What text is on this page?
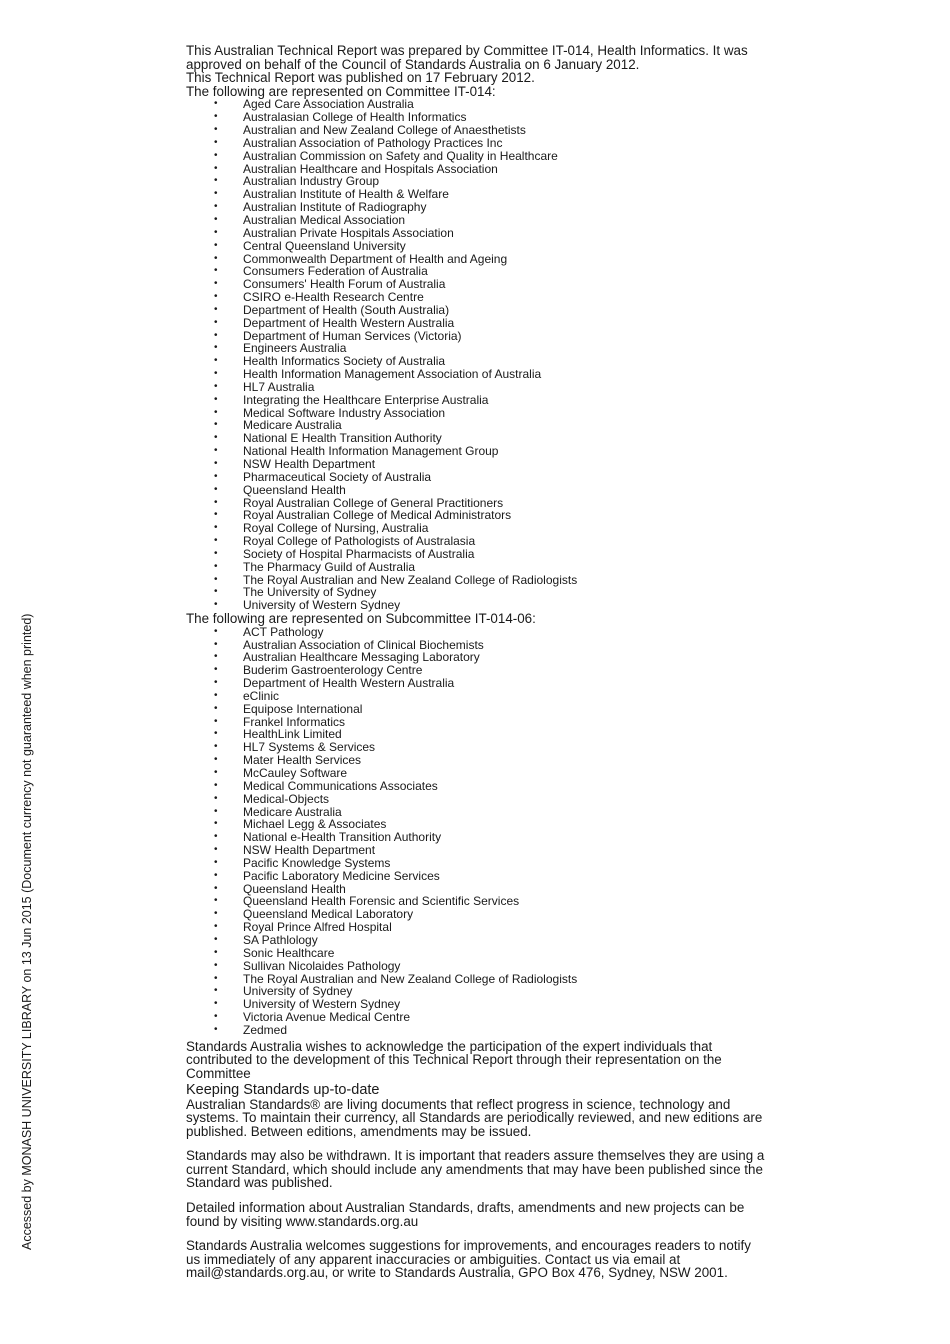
Accessed by MONASH UNIVERSITY LIBRARY on 13 Jun 2015 (Document currency not guaranteed when printed)

This Australian Technical Report was prepared by Committee IT-014, Health Informatics. It was approved on behalf of the Council of Standards Australia on 6 January 2012.

This Technical Report was published on 17 February 2012.

The following are represented on Committee IT-014:

• Aged Care Association Australia
• Australasian College of Health Informatics
• Australian and New Zealand College of Anaesthetists
• Australian Association of Pathology Practices Inc
• Australian Commission on Safety and Quality in Healthcare
• Australian Healthcare and Hospitals Association
• Australian Industry Group
• Australian Institute of Health & Welfare
• Australian Institute of Radiography
• Australian Medical Association
• Australian Private Hospitals Association
• Central Queensland University
• Commonwealth Department of Health and Ageing
• Consumers Federation of Australia
• Consumers' Health Forum of Australia
• CSIRO e-Health Research Centre
• Department of Health (South Australia)
• Department of Health Western Australia
• Department of Human Services (Victoria)
• Engineers Australia
• Health Informatics Society of Australia
• Health Information Management Association of Australia
• HL7 Australia
• Integrating the Healthcare Enterprise Australia
• Medical Software Industry Association
• Medicare Australia
• National E Health Transition Authority
• National Health Information Management Group
• NSW Health Department
• Pharmaceutical Society of Australia
• Queensland Health
• Royal Australian College of General Practitioners
• Royal Australian College of Medical Administrators
• Royal College of Nursing, Australia
• Royal College of Pathologists of Australasia
• Society of Hospital Pharmacists of Australia
• The Pharmacy Guild of Australia
• The Royal Australian and New Zealand College of Radiologists
• The University of Sydney
• University of Western Sydney

The following are represented on Subcommittee IT-014-06:

• ACT Pathology
• Australian Association of Clinical Biochemists
• Australian Healthcare Messaging Laboratory
• Buderim Gastroenterology Centre
• Department of Health Western Australia
• eClinic
• Equipose International
• Frankel Informatics
• HealthLink Limited
• HL7 Systems & Services
• Mater Health Services
• McCauley Software
• Medical Communications Associates
• Medical-Objects
• Medicare Australia
• Michael Legg & Associates
• National e-Health Transition Authority
• NSW Health Department
• Pacific Knowledge Systems
• Pacific Laboratory Medicine Services
• Queensland Health
• Queensland Health Forensic and Scientific Services
• Queensland Medical Laboratory
• Royal Prince Alfred Hospital
• SA Pathlology
• Sonic Healthcare
• Sullivan Nicolaides Pathology
• The Royal Australian and New Zealand College of Radiologists
• University of Sydney
• University of Western Sydney
• Victoria Avenue Medical Centre
• Zedmed

Standards Australia wishes to acknowledge the participation of the expert individuals that contributed to the development of this Technical Report through their representation on the Committee

Keeping Standards up-to-date

Australian Standards® are living documents that reflect progress in science, technology and systems. To maintain their currency, all Standards are periodically reviewed, and new editions are published. Between editions, amendments may be issued.

Standards may also be withdrawn. It is important that readers assure themselves they are using a current Standard, which should include any amendments that may have been published since the Standard was published.

Detailed information about Australian Standards, drafts, amendments and new projects can be found by visiting www.standards.org.au

Standards Australia welcomes suggestions for improvements, and encourages readers to notify us immediately of any apparent inaccuracies or ambiguities. Contact us via email at mail@standards.org.au, or write to Standards Australia, GPO Box 476, Sydney, NSW 2001.
